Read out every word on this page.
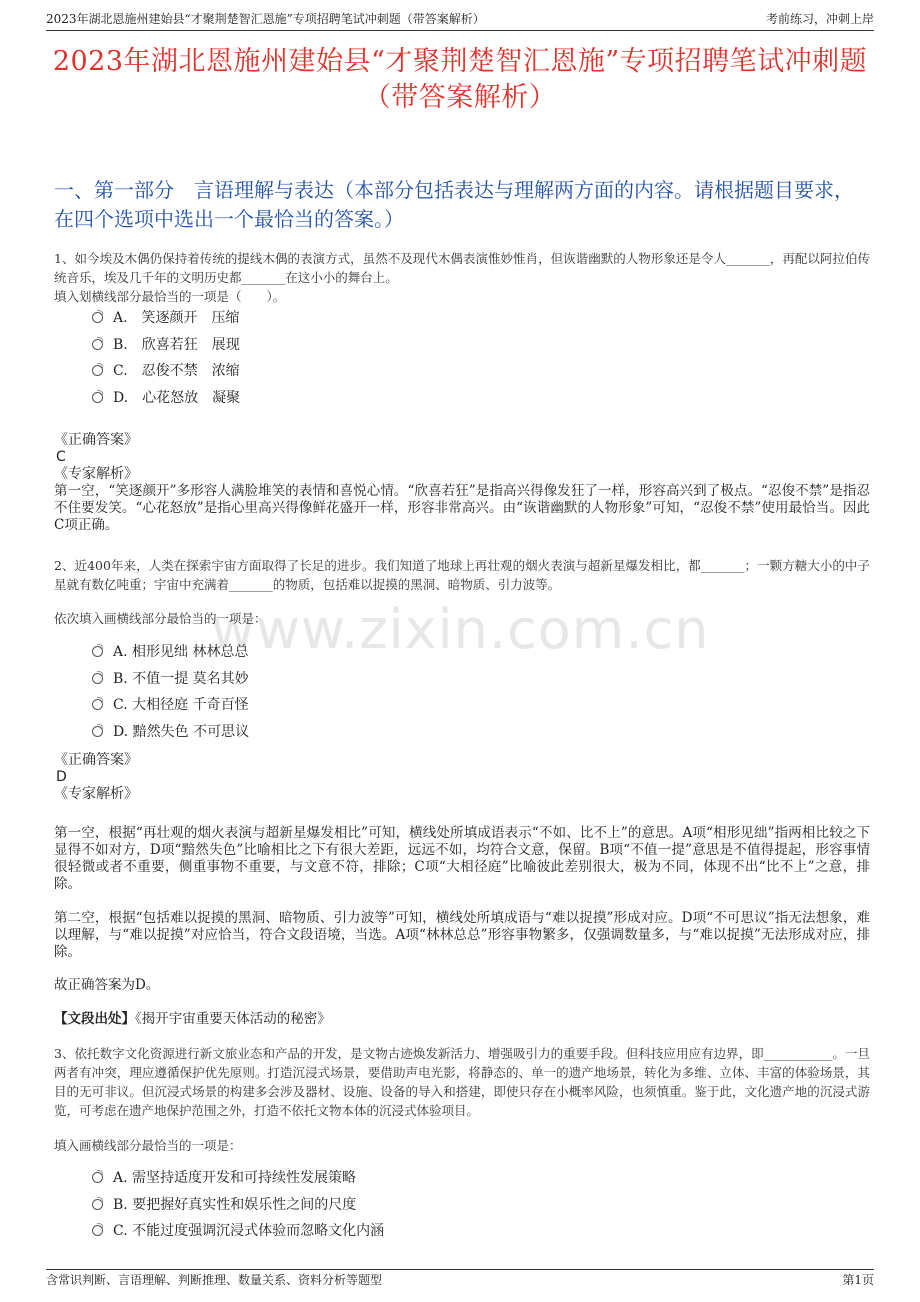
2023年湖北恩施州建始县“才聚荆楚智汇恩施”专项招聘笔试冲刺题（带答案解析）	考前练习，冲刺上岸
2023年湖北恩施州建始县“才聚荆楚智汇恩施”专项招聘笔试冲刺题（带答案解析）
一、第一部分　言语理解与表达（本部分包括表达与理解两方面的内容。请根据题目要求，在四个选项中选出一个最恰当的答案。）
www.zixin.com.cn
1、如今埃及木偶仍保持着传统的提线木偶的表演方式，虽然不及现代木偶表演惟妙惟肖，但诙谐幽默的人物形象还是令人_______，再配以阿拉伯传统音乐，埃及几千年的文明历史都_______在这小小的舞台上。
填入划横线部分最恰当的一项是（　　）。
A.　笑逐颜开　压缩
B.　欣喜若狂　展现
C.　忍俊不禁　浓缩
D.　心花怒放　凝聚
《正确答案》
C
《专家解析》
第一空，“笑逐颜开”多形容人满脸堆笑的表情和喜悦心情。“欣喜若狂”是指高兴得像发狂了一样，形容高兴到了极点。“忍俊不禁”是指忍不住要发笑。“心花怒放”是指心里高兴得像鲜花盛开一样，形容非常高兴。由“诙谐幽默的人物形象”可知，“忍俊不禁”使用最恰当。因此C项正确。
2、近400年来，人类在探索宇宙方面取得了长足的进步。我们知道了地球上再壮观的烟火表演与超新星爆发相比，都_______；一颗方糖大小的中子星就有数亿吨重；宇宙中充满着_______的物质，包括难以捉摸的黑洞、暗物质、引力波等。
依次填入画横线部分最恰当的一项是：
A. 相形见绌 林林总总
B. 不值一提 莫名其妙
C. 大相径庭 千奇百怪
D. 黯然失色 不可思议
《正确答案》
D
《专家解析》
第一空，根据“再壮观的烟火表演与超新星爆发相比”可知，横线处所填成语表示“不如、比不上”的意思。A项“相形见绌”指两相比较之下显得不如对方，D项“黯然失色”比喻相比之下有很大差距，远远不如，均符合文意，保留。B项“不值一提”意思是不值得提起，形容事情很轻微或者不重要，侧重事物不重要，与文意不符，排除；C项“大相径庭”比喻彼此差别很大，极为不同，体现不出“比不上”之意，排除。
第二空，根据“包括难以捉摸的黑洞、暗物质、引力波等”可知，横线处所填成语与“难以捉摸”形成对应。D项“不可思议”指无法想象，难以理解，与“难以捉摸”对应恰当，符合文段语境，当选。A项“林林总总”形容事物繁多，仅强调数量多，与“难以捉摸”无法形成对应，排除。
故正确答案为D。
【文段出处】《揭开宇宙重要天体活动的秘密》
3、依托数字文化资源进行新文旅业态和产品的开发，是文物古迹焕发新活力、增强吸引力的重要手段。但科技应用应有边界，即___________。一旦两者有冲突，理应遵循保护优先原则。打造沉浸式场景，要借助声电光影，将静态的、单一的遗产地场景，转化为多维、立体、丰富的体验场景，其目的无可非议。但沉浸式场景的构建多会涉及器材、设施、设备的导入和搭建，即使只存在小概率风险，也须慎重。鉴于此，文化遗产地的沉浸式游览，可考虑在遗产地保护范围之外，打造不依托文物本体的沉浸式体验项目。
填入画横线部分最恰当的一项是：
A. 需坚持适度开发和可持续性发展策略
B. 要把握好真实性和娱乐性之间的尺度
C. 不能过度强调沉浸式体验而忽略文化内涵
含常识判断、言语理解、判断推理、数量关系、资料分析等题型	第1页
